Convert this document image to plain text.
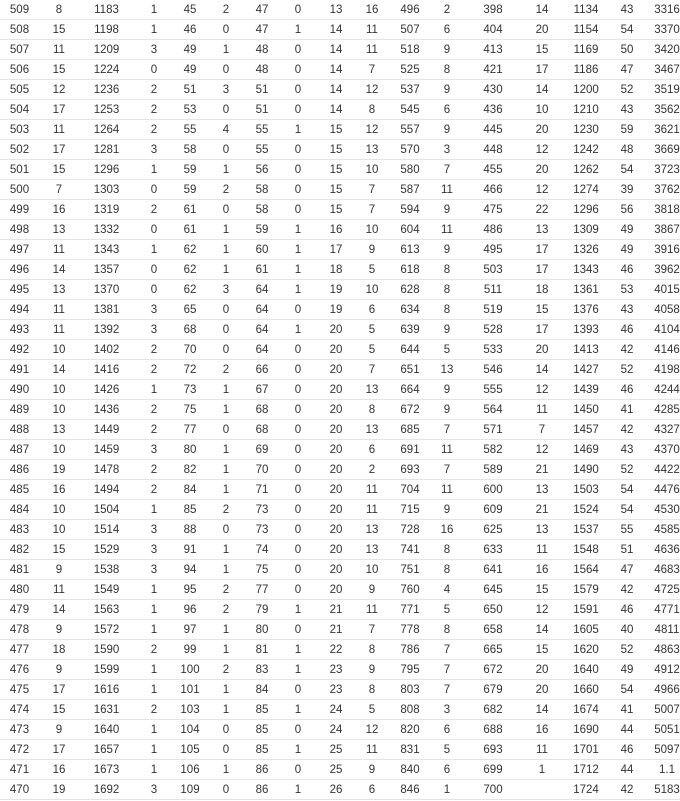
509	8	1183	1	45	2	47	0	13	16	496	2	398	14	1134	43	3316
508	15	1198	1	46	0	47	1	14	11	507	6	404	20	1154	54	3370
507	11	1209	3	49	1	48	0	14	11	518	9	413	15	1169	50	3420
506	15	1224	0	49	0	48	0	14	7	525	8	421	17	1186	47	3467
505	12	1236	2	51	3	51	0	14	12	537	9	430	14	1200	52	3519
504	17	1253	2	53	0	51	0	14	8	545	6	436	10	1210	43	3562
503	11	1264	2	55	4	55	1	15	12	557	9	445	20	1230	59	3621
502	17	1281	3	58	0	55	0	15	13	570	3	448	12	1242	48	3669
501	15	1296	1	59	1	56	0	15	10	580	7	455	20	1262	54	3723
500	7	1303	0	59	2	58	0	15	7	587	11	466	12	1274	39	3762
499	16	1319	2	61	0	58	0	15	7	594	9	475	22	1296	56	3818
498	13	1332	0	61	1	59	1	16	10	604	11	486	13	1309	49	3867
497	11	1343	1	62	1	60	1	17	9	613	9	495	17	1326	49	3916
496	14	1357	0	62	1	61	1	18	5	618	8	503	17	1343	46	3962
495	13	1370	0	62	3	64	1	19	10	628	8	511	18	1361	53	4015
494	11	1381	3	65	0	64	0	19	6	634	8	519	15	1376	43	4058
493	11	1392	3	68	0	64	1	20	5	639	9	528	17	1393	46	4104
492	10	1402	2	70	0	64	0	20	5	644	5	533	20	1413	42	4146
491	14	1416	2	72	2	66	0	20	7	651	13	546	14	1427	52	4198
490	10	1426	1	73	1	67	0	20	13	664	9	555	12	1439	46	4244
489	10	1436	2	75	1	68	0	20	8	672	9	564	11	1450	41	4285
488	13	1449	2	77	0	68	0	20	13	685	7	571	7	1457	42	4327
487	10	1459	3	80	1	69	0	20	6	691	11	582	12	1469	43	4370
486	19	1478	2	82	1	70	0	20	2	693	7	589	21	1490	52	4422
485	16	1494	2	84	1	71	0	20	11	704	11	600	13	1503	54	4476
484	10	1504	1	85	2	73	0	20	11	715	9	609	21	1524	54	4530
483	10	1514	3	88	0	73	0	20	13	728	16	625	13	1537	55	4585
482	15	1529	3	91	1	74	0	20	13	741	8	633	11	1548	51	4636
481	9	1538	3	94	1	75	0	20	10	751	8	641	16	1564	47	4683
480	11	1549	1	95	2	77	0	20	9	760	4	645	15	1579	42	4725
479	14	1563	1	96	2	79	1	21	11	771	5	650	12	1591	46	4771
478	9	1572	1	97	1	80	0	21	7	778	8	658	14	1605	40	4811
477	18	1590	2	99	1	81	1	22	8	786	7	665	15	1620	52	4863
476	9	1599	1	100	2	83	1	23	9	795	7	672	20	1640	49	4912
475	17	1616	1	101	1	84	0	23	8	803	7	679	20	1660	54	4966
474	15	1631	2	103	1	85	1	24	5	808	3	682	14	1674	41	5007
473	9	1640	1	104	0	85	0	24	12	820	6	688	16	1690	44	5051
472	17	1657	1	105	0	85	1	25	11	831	5	693	11	1701	46	5097
471	16	1673	1	106	1	86	0	25	9	840	6	699	1	1712	44	1.1
470	19	1692	3	109	0	86	1	26	6	846	1	700		1724	42	5183
